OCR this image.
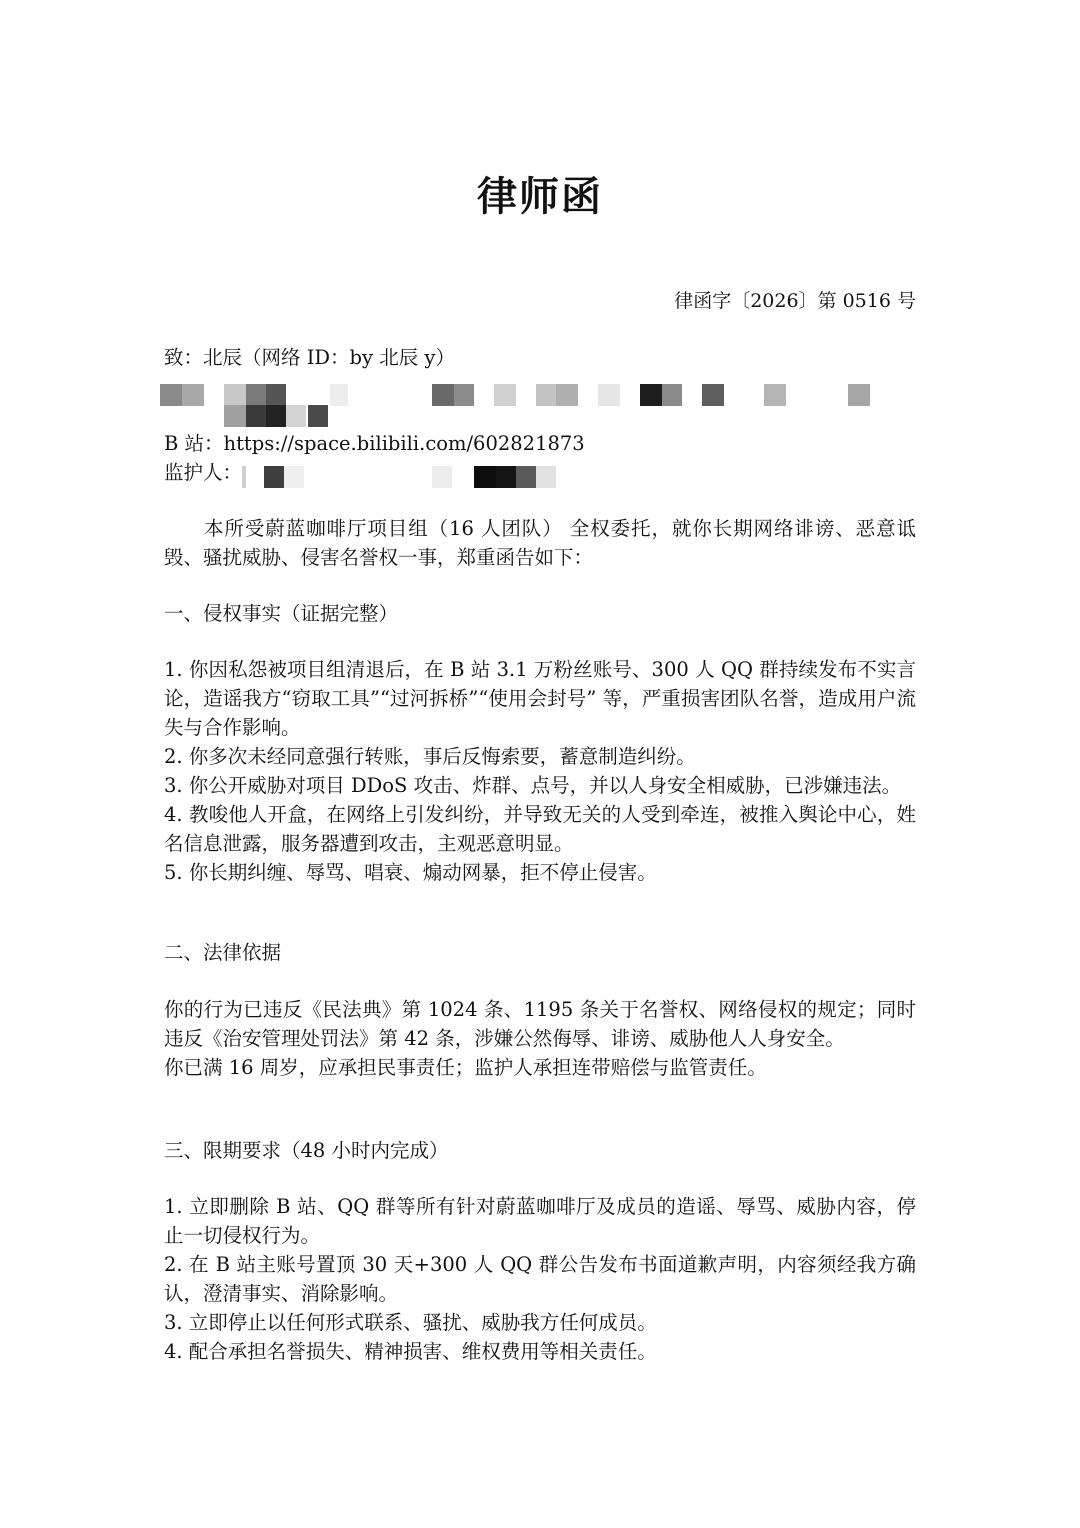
律师函
律函字〔2026〕第 0516 号

致：北辰（网络 ID：by 北辰 y）

B 站：https://space.bilibili.com/602821873

监护人：

本所受蔚蓝咖啡厅项目组（16 人团队） 全权委托，就你长期网络诽谤、恶意诋毁、骚扰威胁、侵害名誉权一事，郑重函告如下：

一、侵权事实（证据完整）

1. 你因私怨被项目组清退后，在 B 站 3.1 万粉丝账号、300 人 QQ 群持续发布不实言论，造谣我方“窃取工具”“过河拆桥”“使用会封号” 等，严重损害团队名誉，造成用户流失与合作影响。

2. 你多次未经同意强行转账，事后反悔索要，蓄意制造纠纷。

3. 你公开威胁对项目 DDoS 攻击、炸群、点号，并以人身安全相威胁，已涉嫌违法。

4. 教唆他人开盒，在网络上引发纠纷，并导致无关的人受到牵连，被推入舆论中心，姓名信息泄露，服务器遭到攻击，主观恶意明显。

5. 你长期纠缠、辱骂、唱衰、煽动网暴，拒不停止侵害。

二、法律依据

你的行为已违反《民法典》第 1024 条、1195 条关于名誉权、网络侵权的规定；同时违反《治安管理处罚法》第 42 条，涉嫌公然侮辱、诽谤、威胁他人人身安全。

你已满 16 周岁，应承担民事责任；监护人承担连带赔偿与监管责任。

三、限期要求（48 小时内完成）

1. 立即删除 B 站、QQ 群等所有针对蔚蓝咖啡厅及成员的造谣、辱骂、威胁内容，停止一切侵权行为。

2. 在 B 站主账号置顶 30 天+300 人 QQ 群公告发布书面道歉声明，内容须经我方确认，澄清事实、消除影响。

3. 立即停止以任何形式联系、骚扰、威胁我方任何成员。

4. 配合承担名誉损失、精神损害、维权费用等相关责任。
